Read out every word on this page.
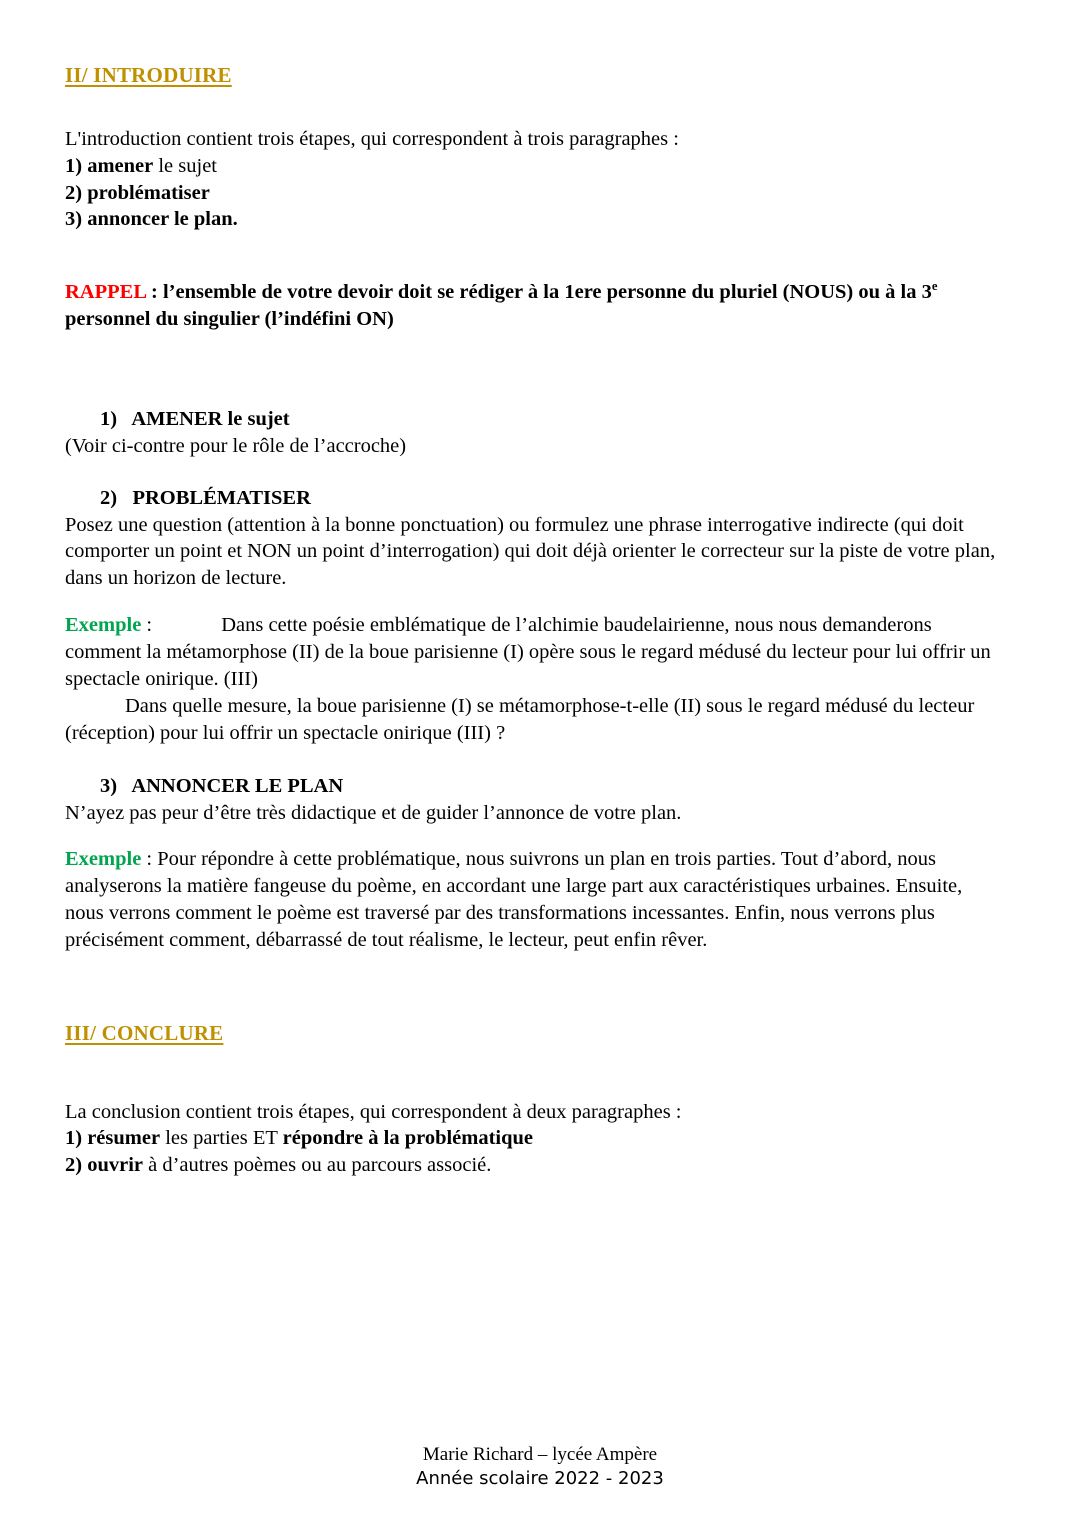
II/ INTRODUIRE

L'introduction contient trois étapes, qui correspondent à trois paragraphes :

1) amener le sujet

2) problématiser

3) annoncer le plan.

RAPPEL : l’ensemble de votre devoir doit se rédiger à la 1ere personne du pluriel (NOUS) ou à la 3e personnel du singulier (l’indéfini ON)

1)   AMENER le sujet

(Voir ci-contre pour le rôle de l’accroche)

2)   PROBLÉMATISER

Posez une question (attention à la bonne ponctuation) ou formulez une phrase interrogative indirecte (qui doit comporter un point et NON un point d’interrogation) qui doit déjà orienter le correcteur sur la piste de votre plan, dans un horizon de lecture.

Exemple :	Dans cette poésie emblématique de l’alchimie baudelairienne, nous nous demanderons comment la métamorphose (II) de la boue parisienne (I) opère sous le regard médusé du lecteur pour lui offrir un spectacle onirique. (III)

Dans quelle mesure, la boue parisienne (I) se métamorphose-t-elle (II) sous le regard médusé du lecteur (réception) pour lui offrir un spectacle onirique (III) ?

3)   ANNONCER LE PLAN

N’ayez pas peur d’être très didactique et de guider l’annonce de votre plan.

Exemple : Pour répondre à cette problématique, nous suivrons un plan en trois parties. Tout d’abord, nous analyserons la matière fangeuse du poème, en accordant une large part aux caractéristiques urbaines. Ensuite, nous verrons comment le poème est traversé par des transformations incessantes. Enfin, nous verrons plus précisément comment, débarrassé de tout réalisme, le lecteur, peut enfin rêver.

III/ CONCLURE

La conclusion contient trois étapes, qui correspondent à deux paragraphes :

1) résumer les parties ET répondre à la problématique

2) ouvrir à d’autres poèmes ou au parcours associé.

Marie Richard – lycée Ampère
Année scolaire 2022 - 2023
